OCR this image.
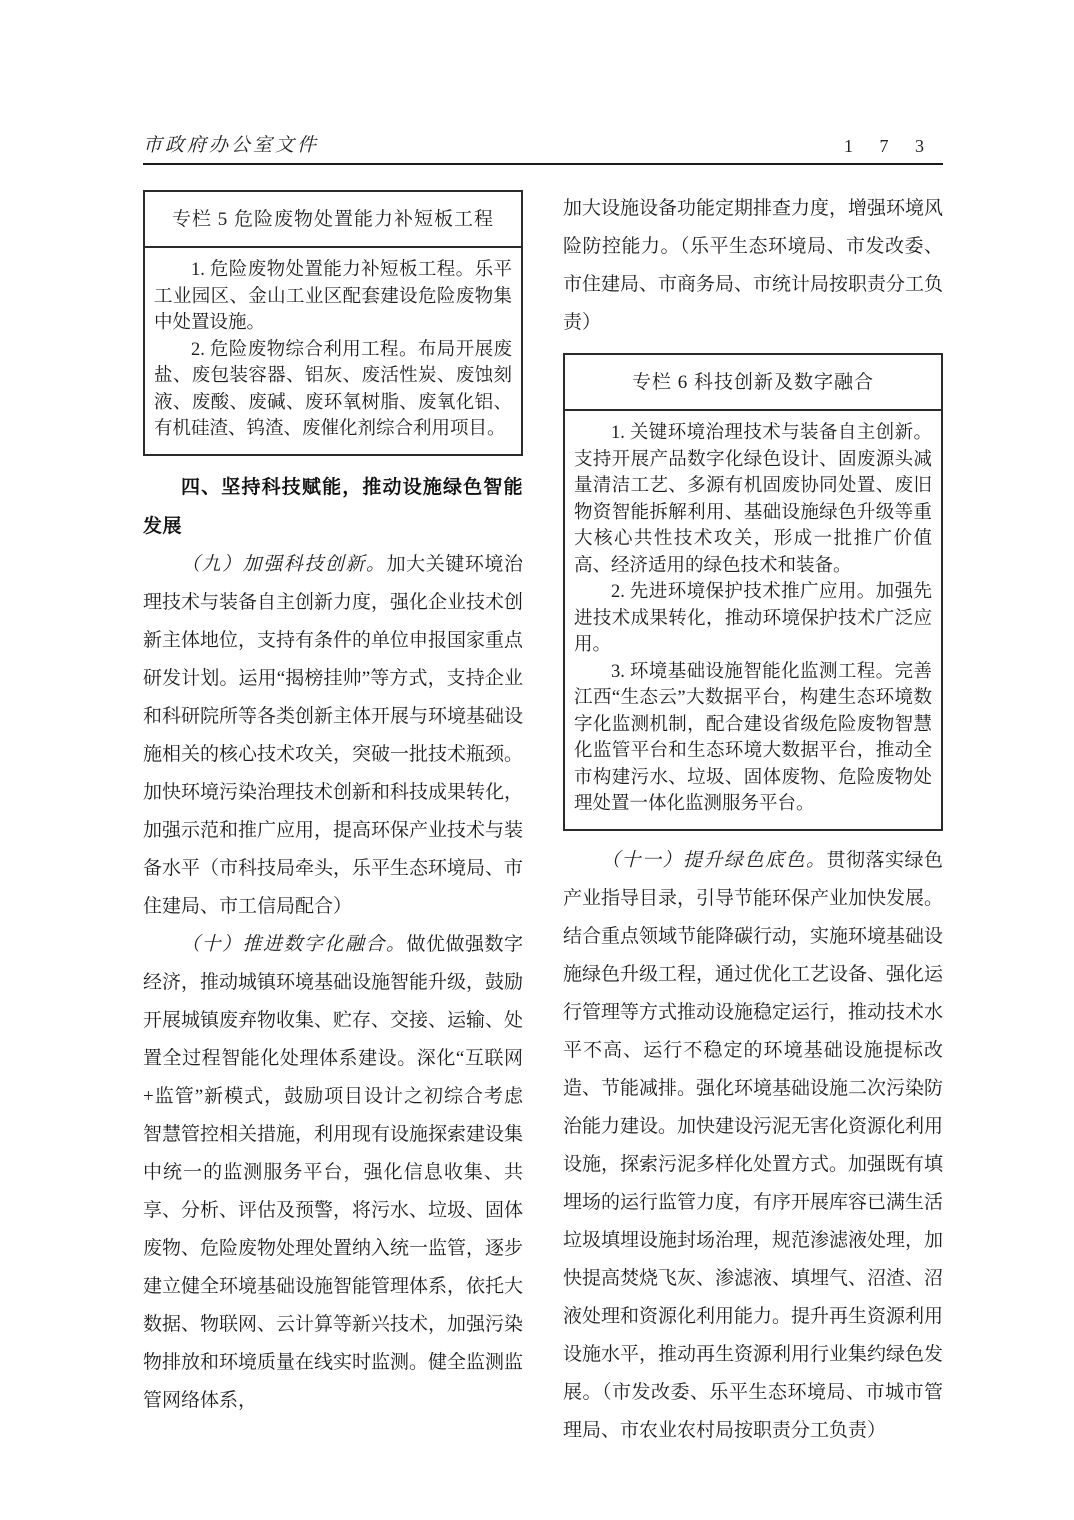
市政府办公室文件	1 7 3
专栏 5 危险废物处置能力补短板工程

1. 危险废物处置能力补短板工程。乐平工业园区、金山工业区配套建设危险废物集中处置设施。

2. 危险废物综合利用工程。布局开展废盐、废包装容器、铝灰、废活性炭、废蚀刻液、废酸、废碱、废环氧树脂、废氧化铝、有机硅渣、钨渣、废催化剂综合利用项目。

四、坚持科技赋能，推动设施绿色智能发展

（九）加强科技创新。加大关键环境治理技术与装备自主创新力度，强化企业技术创新主体地位，支持有条件的单位申报国家重点研发计划。运用“揭榜挂帅”等方式，支持企业和科研院所等各类创新主体开展与环境基础设施相关的核心技术攻关，突破一批技术瓶颈。加快环境污染治理技术创新和科技成果转化，加强示范和推广应用，提高环保产业技术与装备水平（市科技局牵头，乐平生态环境局、市住建局、市工信局配合）

（十）推进数字化融合。做优做强数字经济，推动城镇环境基础设施智能升级，鼓励开展城镇废弃物收集、贮存、交接、运输、处置全过程智能化处理体系建设。深化“互联网+监管”新模式，鼓励项目设计之初综合考虑智慧管控相关措施，利用现有设施探索建设集中统一的监测服务平台，强化信息收集、共享、分析、评估及预警，将污水、垃圾、固体废物、危险废物处理处置纳入统一监管，逐步建立健全环境基础设施智能管理体系，依托大数据、物联网、云计算等新兴技术，加强污染物排放和环境质量在线实时监测。健全监测监管网络体系，

加大设施设备功能定期排查力度，增强环境风险防控能力。（乐平生态环境局、市发改委、市住建局、市商务局、市统计局按职责分工负责）

专栏 6 科技创新及数字融合

1. 关键环境治理技术与装备自主创新。支持开展产品数字化绿色设计、固废源头减量清洁工艺、多源有机固废协同处置、废旧物资智能拆解利用、基础设施绿色升级等重大核心共性技术攻关，形成一批推广价值高、经济适用的绿色技术和装备。

2. 先进环境保护技术推广应用。加强先进技术成果转化，推动环境保护技术广泛应用。

3. 环境基础设施智能化监测工程。完善江西“生态云”大数据平台，构建生态环境数字化监测机制，配合建设省级危险废物智慧化监管平台和生态环境大数据平台，推动全市构建污水、垃圾、固体废物、危险废物处理处置一体化监测服务平台。

（十一）提升绿色底色。贯彻落实绿色产业指导目录，引导节能环保产业加快发展。结合重点领域节能降碳行动，实施环境基础设施绿色升级工程，通过优化工艺设备、强化运行管理等方式推动设施稳定运行，推动技术水平不高、运行不稳定的环境基础设施提标改造、节能减排。强化环境基础设施二次污染防治能力建设。加快建设污泥无害化资源化利用设施，探索污泥多样化处置方式。加强既有填埋场的运行监管力度，有序开展库容已满生活垃圾填埋设施封场治理，规范渗滤液处理，加快提高焚烧飞灰、渗滤液、填埋气、沼渣、沼液处理和资源化利用能力。提升再生资源利用设施水平，推动再生资源利用行业集约绿色发展。（市发改委、乐平生态环境局、市城市管理局、市农业农村局按职责分工负责）
